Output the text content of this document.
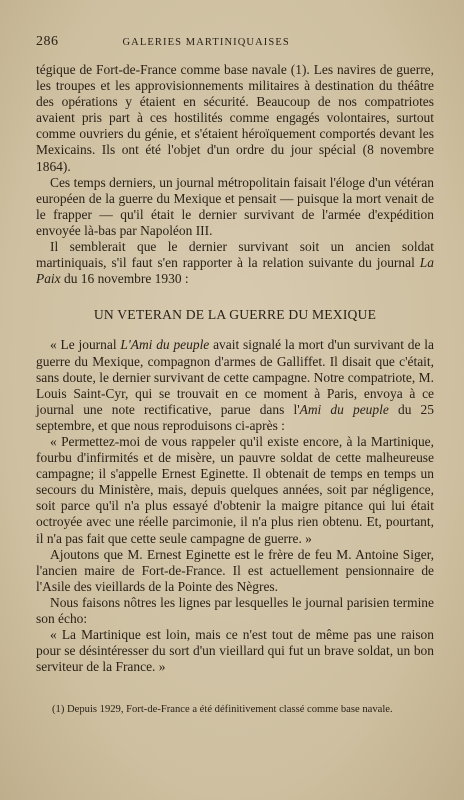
286	GALERIES MARTINIQUAISES

tégique de Fort-de-France comme base navale (1). Les navires de guerre, les troupes et les approvisionnements militaires à destination du théâtre des opérations y étaient en sécurité. Beaucoup de nos compatriotes avaient pris part à ces hostilités comme engagés volontaires, surtout comme ouvriers du génie, et s'étaient héroïquement comportés devant les Mexicains. Ils ont été l'objet d'un ordre du jour spécial (8 novembre 1864).

Ces temps derniers, un journal métropolitain faisait l'éloge d'un vétéran européen de la guerre du Mexique et pensait — puisque la mort venait de le frapper — qu'il était le dernier survivant de l'armée d'expédition envoyée là-bas par Napoléon III.

Il semblerait que le dernier survivant soit un ancien soldat martiniquais, s'il faut s'en rapporter à la relation suivante du journal La Paix du 16 novembre 1930 :

UN VETERAN DE LA GUERRE DU MEXIQUE

« Le journal L'Ami du peuple avait signalé la mort d'un survivant de la guerre du Mexique, compagnon d'armes de Galliffet. Il disait que c'était, sans doute, le dernier survivant de cette campagne. Notre compatriote, M. Louis Saint-Cyr, qui se trouvait en ce moment à Paris, envoya à ce journal une note rectificative, parue dans l'Ami du peuple du 25 septembre, et que nous reproduisons ci-après :

« Permettez-moi de vous rappeler qu'il existe encore, à la Martinique, fourbu d'infirmités et de misère, un pauvre soldat de cette malheureuse campagne; il s'appelle Ernest Eginette. Il obtenait de temps en temps un secours du Ministère, mais, depuis quelques années, soit par négligence, soit parce qu'il n'a plus essayé d'obtenir la maigre pitance qui lui était octroyée avec une réelle parcimonie, il n'a plus rien obtenu. Et, pourtant, il n'a pas fait que cette seule campagne de guerre. »

Ajoutons que M. Ernest Eginette est le frère de feu M. Antoine Siger, l'ancien maire de Fort-de-France. Il est actuellement pensionnaire de l'Asile des vieillards de la Pointe des Nègres.

Nous faisons nôtres les lignes par lesquelles le journal parisien termine son écho:

« La Martinique est loin, mais ce n'est tout de même pas une raison pour se désintéresser du sort d'un vieillard qui fut un brave soldat, un bon serviteur de la France. »

(1) Depuis 1929, Fort-de-France a été définitivement classé comme base navale.
